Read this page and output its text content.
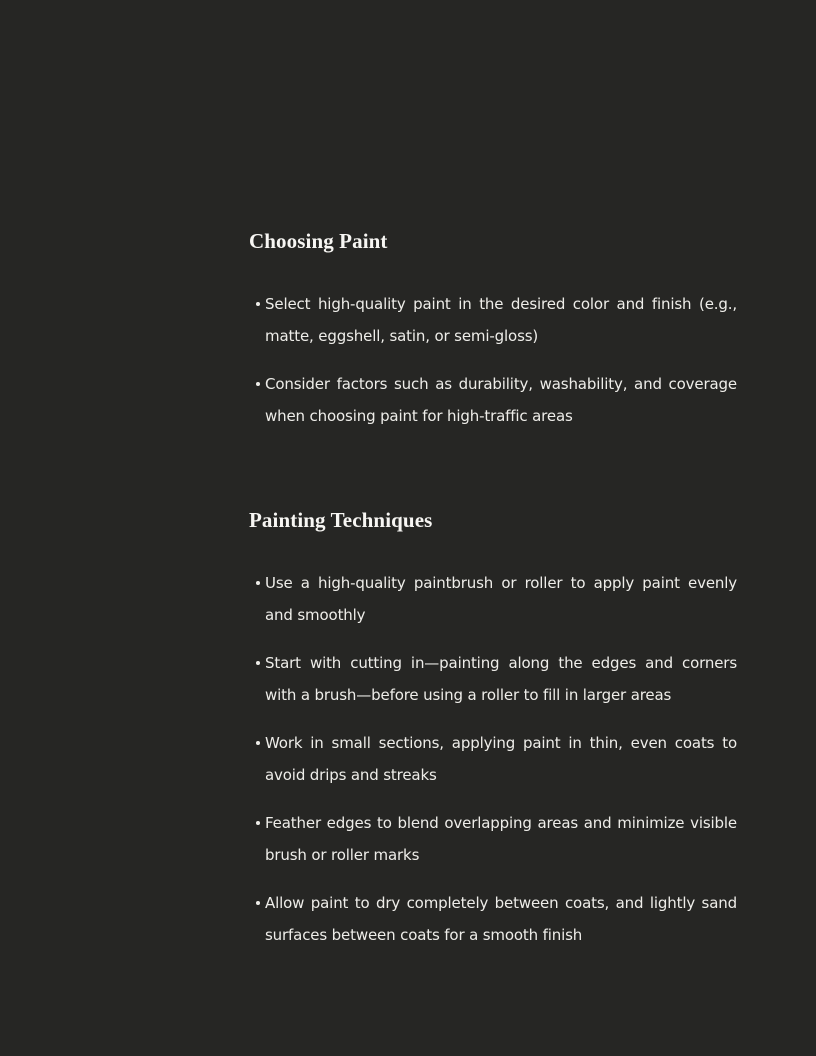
Choosing Paint
Select high-quality paint in the desired color and finish (e.g., matte, eggshell, satin, or semi-gloss)
Consider factors such as durability, washability, and coverage when choosing paint for high-traffic areas
Painting Techniques
Use a high-quality paintbrush or roller to apply paint evenly and smoothly
Start with cutting in—painting along the edges and corners with a brush—before using a roller to fill in larger areas
Work in small sections, applying paint in thin, even coats to avoid drips and streaks
Feather edges to blend overlapping areas and minimize visible brush or roller marks
Allow paint to dry completely between coats, and lightly sand surfaces between coats for a smooth finish
